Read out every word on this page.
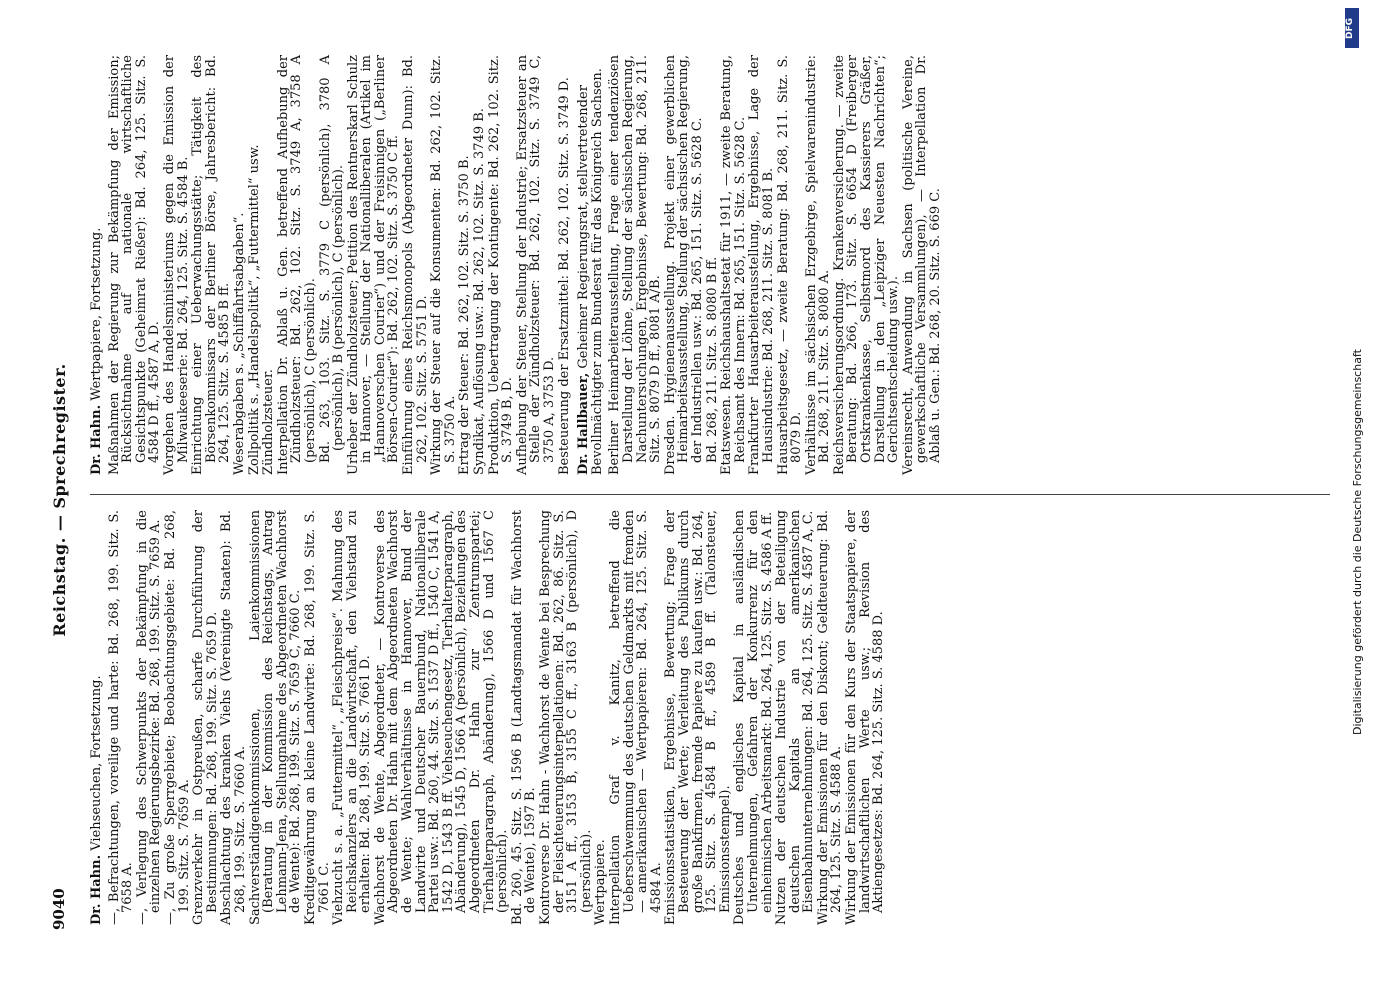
9040
Reichstag. — Sprechregister.
Dr. Hahn. Viehseuchen, Fortsetzung. —, Befrachtungen, voreilige und harte: Bd. 268, 199. Sitz. S. 7658 A. —, Verlegung des Schwerpunkts der Bekämpfung in die einzelnen Regierungsbezirke: Bd. 268, 199. Sitz. S. 7659 A. —, Zu große Sperrgebiete; Beobachtungsgebiete: Bd. 268, 199. Sitz. S. 7659 A. Grenzverkehr in Ostpreußen, scharfe Durchführung der Bestimmungen: Bd. 268, 199. Sitz. S. 7659 D. Abschlachtung des kranken Viehs (Vereinigte Staaten): Bd. 268, 199. Sitz. S. 7660 A. Sachverständigenkommissionen, Laienkommissionen (Beratung in der Kommission des Reichstags, Antrag Lehmann-Jena, Stellungnahme des Abgeordneten Wachhorst de Wente): Bd. 268, 199. Sitz. S. 7659 C, 7660 C. Kreditgewährung an kleine Landwirte: Bd. 268, 199. Sitz. S. 7661 C. Viehzucht s. a. „Futtermittel“, „Fleischpreise“. Mahnung des Reichskanzlers an die Landwirtschaft, den Viehstand zu erhalten: Bd. 268, 199. Sitz. S. 7661 D. Wachhorst de Wente, Abgeordneter, — Kontroverse des Abgeordneten Dr. Hahn mit dem Abgeordneten Wachhorst de Wente; Wahlverhältnisse in Hannover, Bund der Landwirte und Deutscher Bauernbund, Nationalliberale Partei usw.: Bd. 260, 44. Sitz. S. 1537 D ff., 1540 C, 1541 A, 1542 D, 1543 B ff. Viehseuchengesetz, Tierhalterparagraph, Abänderung), 1545 D, 1566 A (persönlich), Beziehungen des Abgeordneten Dr. Hahn zur Zentrumspartei; Tierhalterparagraph, Abänderung), 1566 D und 1567 C (persönlich). Bd. 260, 45. Sitz. S. 1596 B (Landtagsmandat für Wachhorst de Wente), 1597 B. Kontroverse Dr. Hahn - Wachhorst de Wente bei Besprechung der Fleischteuerungsinterpellationen: Bd. 262, 86. Sitz. S. 3151 A ff., 3153 B, 3155 C ff., 3163 B (persönlich), D (persönlich). Wertpapiere. Interpellation Graf v. Kanitz, betreffend die Ueberschwemmung des deutschen Geldmarkts mit fremden — amerikanischen — Wertpapieren: Bd. 264, 125. Sitz. S. 4584 A. Emissionsstatistiken, Ergebnisse, Bewertung; Frage der Besteuerung der Werte; Verleitung des Publikums durch große Bankfirmen, fremde Papiere zu kaufen usw.: Bd. 264, 125. Sitz. S. 4584 B ff., 4589 B ff. (Talonsteuer, Emissionsstempel). Deutsches und englisches Kapital in ausländischen Unternehmungen, Gefahren der Konkurrenz für den einheimischen Arbeitsmarkt: Bd. 264, 125. Sitz. S. 4586 A ff. Nutzen der deutschen Industrie von der Beteiligung deutschen Kapitals an amerikanischen Eisenbahnunternehmungen: Bd. 264, 125. Sitz. S. 4587 A, C. Wirkung der Emissionen für den Diskont; Geldteuerung: Bd. 264, 125. Sitz. S. 4588 A. Wirkung der Emissionen für den Kurs der Staatspapiere, der landwirtschaftlichen Werte usw.; Revision des Aktiengesetzes: Bd. 264, 125. Sitz. S. 4588 D.

Dr. Hahn. Wertpapiere, Fortsetzung. Maßnahmen der Regierung zur Bekämpfung der Emission; Rücksichtnahme auf nationale wirtschaftliche Gesichtspunkte (Geheimrat Rießer): Bd. 264, 125. Sitz. S. 4584 D ff., 4587 A, D. Vorgehen des Handelsministeriums gegen die Emission der Milwaukeeserie: Bd. 264, 125. Sitz. S. 4584 B. Einrichtung einer Ueberwachungsstätte; Tätigkeit des Börsenkommissars der Berliner Börse, Jahresbericht: Bd. 264, 125. Sitz. S. 4585 B ff. Weserabgaben s. „Schiffahrtsabgaben“. Zollpolitik s. „Handelspolitik“, „Futtermittel“ usw. Zündholzsteuer. Interpellation Dr. Ablaß u. Gen. betreffend Aufhebung der Zündholzsteuer: Bd. 262, 102. Sitz. S. 3749 A, 3758 A (persönlich), C (persönlich). Bd. 263, 103. Sitz. S. 3779 C (persönlich), 3780 A (persönlich), B (persönlich), C (persönlich). Urheber der Zündholzsteuer; Petition des Rentnerskarl Schulz in Hannover, — Stellung der Nationalliberalen (Artikel im „Hannoverschen Courier“) und der Freisinnigen („Berliner Börsen-Courier“): Bd. 262, 102. Sitz. S. 3750 C ff. Einführung eines Reichsmonopols (Abgeordneter Dunn): Bd. 262, 102. Sitz. S. 5751 D. Wirkung der Steuer auf die Konsumenten: Bd. 262, 102. Sitz. S. 3750 A. Ertrag der Steuer: Bd. 262, 102. Sitz. S. 3750 B. Syndikat, Auflösung usw.: Bd. 262, 102. Sitz. S. 3749 B. Produktion, Uebertragung der Kontingente: Bd. 262, 102. Sitz. S. 3749 B, D. Aufhebung der Steuer, Stellung der Industrie; Ersatzsteuer an Stelle der Zündholzsteuer: Bd. 262, 102. Sitz. S. 3749 C, 3750 A, 3753 D. Besteuerung der Ersatzmittel: Bd. 262, 102. Sitz. S. 3749 D. Dr. Hallbauer, Geheimer Regierungsrat, stellvertretender Bevollmächtigter zum Bundesrat für das Königreich Sachsen. Berliner Heimarbeiterausstellung, Frage einer tendenziösen Darstellung der Löhne, Stellung der sächsischen Regierung, Nachuntersuchungen, Ergebnisse, Bewertung: Bd. 268, 211. Sitz. S. 8079 D ff., 8081 A/B. Dresden. Hygienenausstellung. Projekt einer gewerblichen Heimarbeitsausstellung, Stellung der sächsischen Regierung, der Industriellen usw.: Bd. 265, 151. Sitz. S. 5628 C. Bd. 268, 211. Sitz. S. 8080 B ff. Etatswesen. Reichshaushaltsetat für 1911, — zweite Beratung, Reichsamt des Innern: Bd. 265, 151. Sitz. S. 5628 C. Frankfurter Hausarbeiterausstellung, Ergebnisse, Lage der Hausindustrie: Bd. 268, 211. Sitz. S. 8081 B. Hausarbeitsgesetz, — zweite Beratung: Bd. 268, 211. Sitz. S. 8079 D. Verhältnisse im sächsischen Erzgebirge, Spielwarenindustrie: Bd. 268, 211. Sitz. S. 8080 A. Reichsversicherungsordnung. Krankenversicherung. — zweite Beratung: Bd. 266, 173. Sitz. S. 6654 D (Freiberger Ortskrankenkasse, Selbstmord des Kassierers Gräßer, Darstellung in den „Leipziger Neuesten Nachrichten“; Gerichtsentscheidung usw.). Vereinsrecht, Anwendung in Sachsen (politische Vereine, gewerkschaftliche Versammlungen), — Interpellation Dr. Ablaß u. Gen.: Bd. 268, 20. Sitz. S. 669 C.

DFG
Digitalisierung gefördert durch die Deutsche Forschungsgemeinschaft
